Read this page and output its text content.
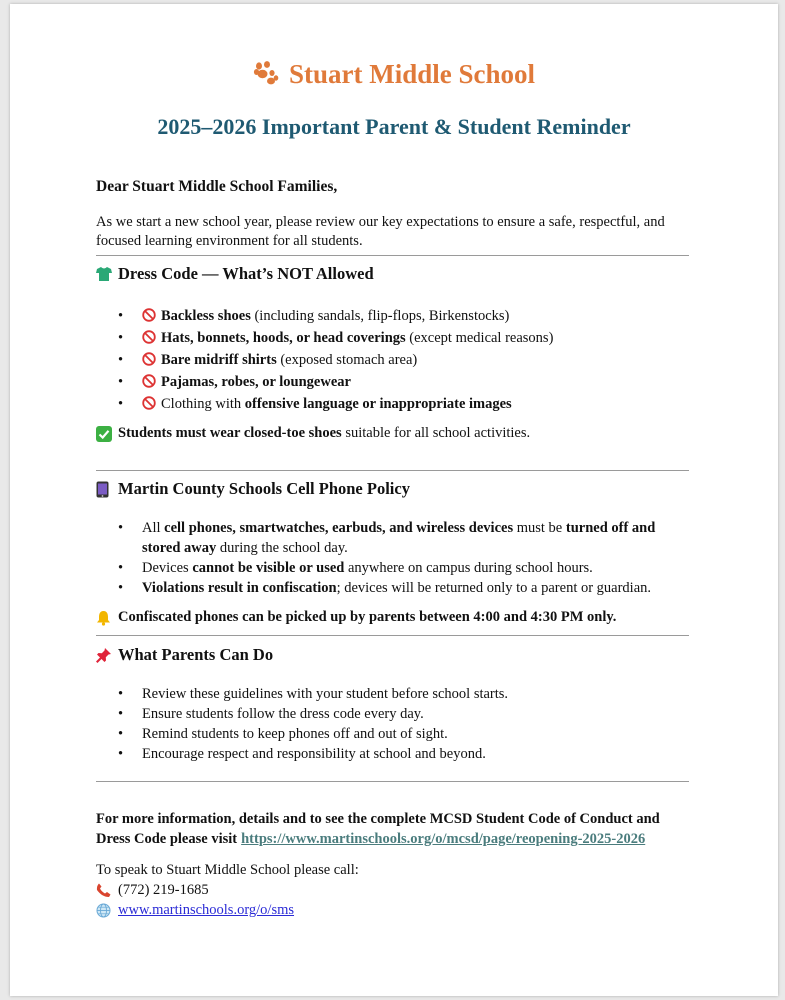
Stuart Middle School
2025–2026 Important Parent & Student Reminder
Dear Stuart Middle School Families,
As we start a new school year, please review our key expectations to ensure a safe, respectful, and focused learning environment for all students.
Dress Code — What’s NOT Allowed
•	Backless shoes (including sandals, flip-flops, Birkenstocks)
•	Hats, bonnets, hoods, or head coverings (except medical reasons)
•	Bare midriff shirts (exposed stomach area)
•	Pajamas, robes, or loungewear
•	Clothing with offensive language or inappropriate images
Students must wear closed-toe shoes suitable for all school activities.
Martin County Schools Cell Phone Policy
• All cell phones, smartwatches, earbuds, and wireless devices must be turned off and stored away during the school day.
• Devices cannot be visible or used anywhere on campus during school hours.
• Violations result in confiscation; devices will be returned only to a parent or guardian.
Confiscated phones can be picked up by parents between 4:00 and 4:30 PM only.
What Parents Can Do
• Review these guidelines with your student before school starts.
• Ensure students follow the dress code every day.
• Remind students to keep phones off and out of sight.
• Encourage respect and responsibility at school and beyond.
For more information, details and to see the complete MCSD Student Code of Conduct and
Dress Code please visit https://www.martinschools.org/o/mcsd/page/reopening-2025-2026
To speak to Stuart Middle School please call:
(772) 219-1685
www.martinschools.org/o/sms
